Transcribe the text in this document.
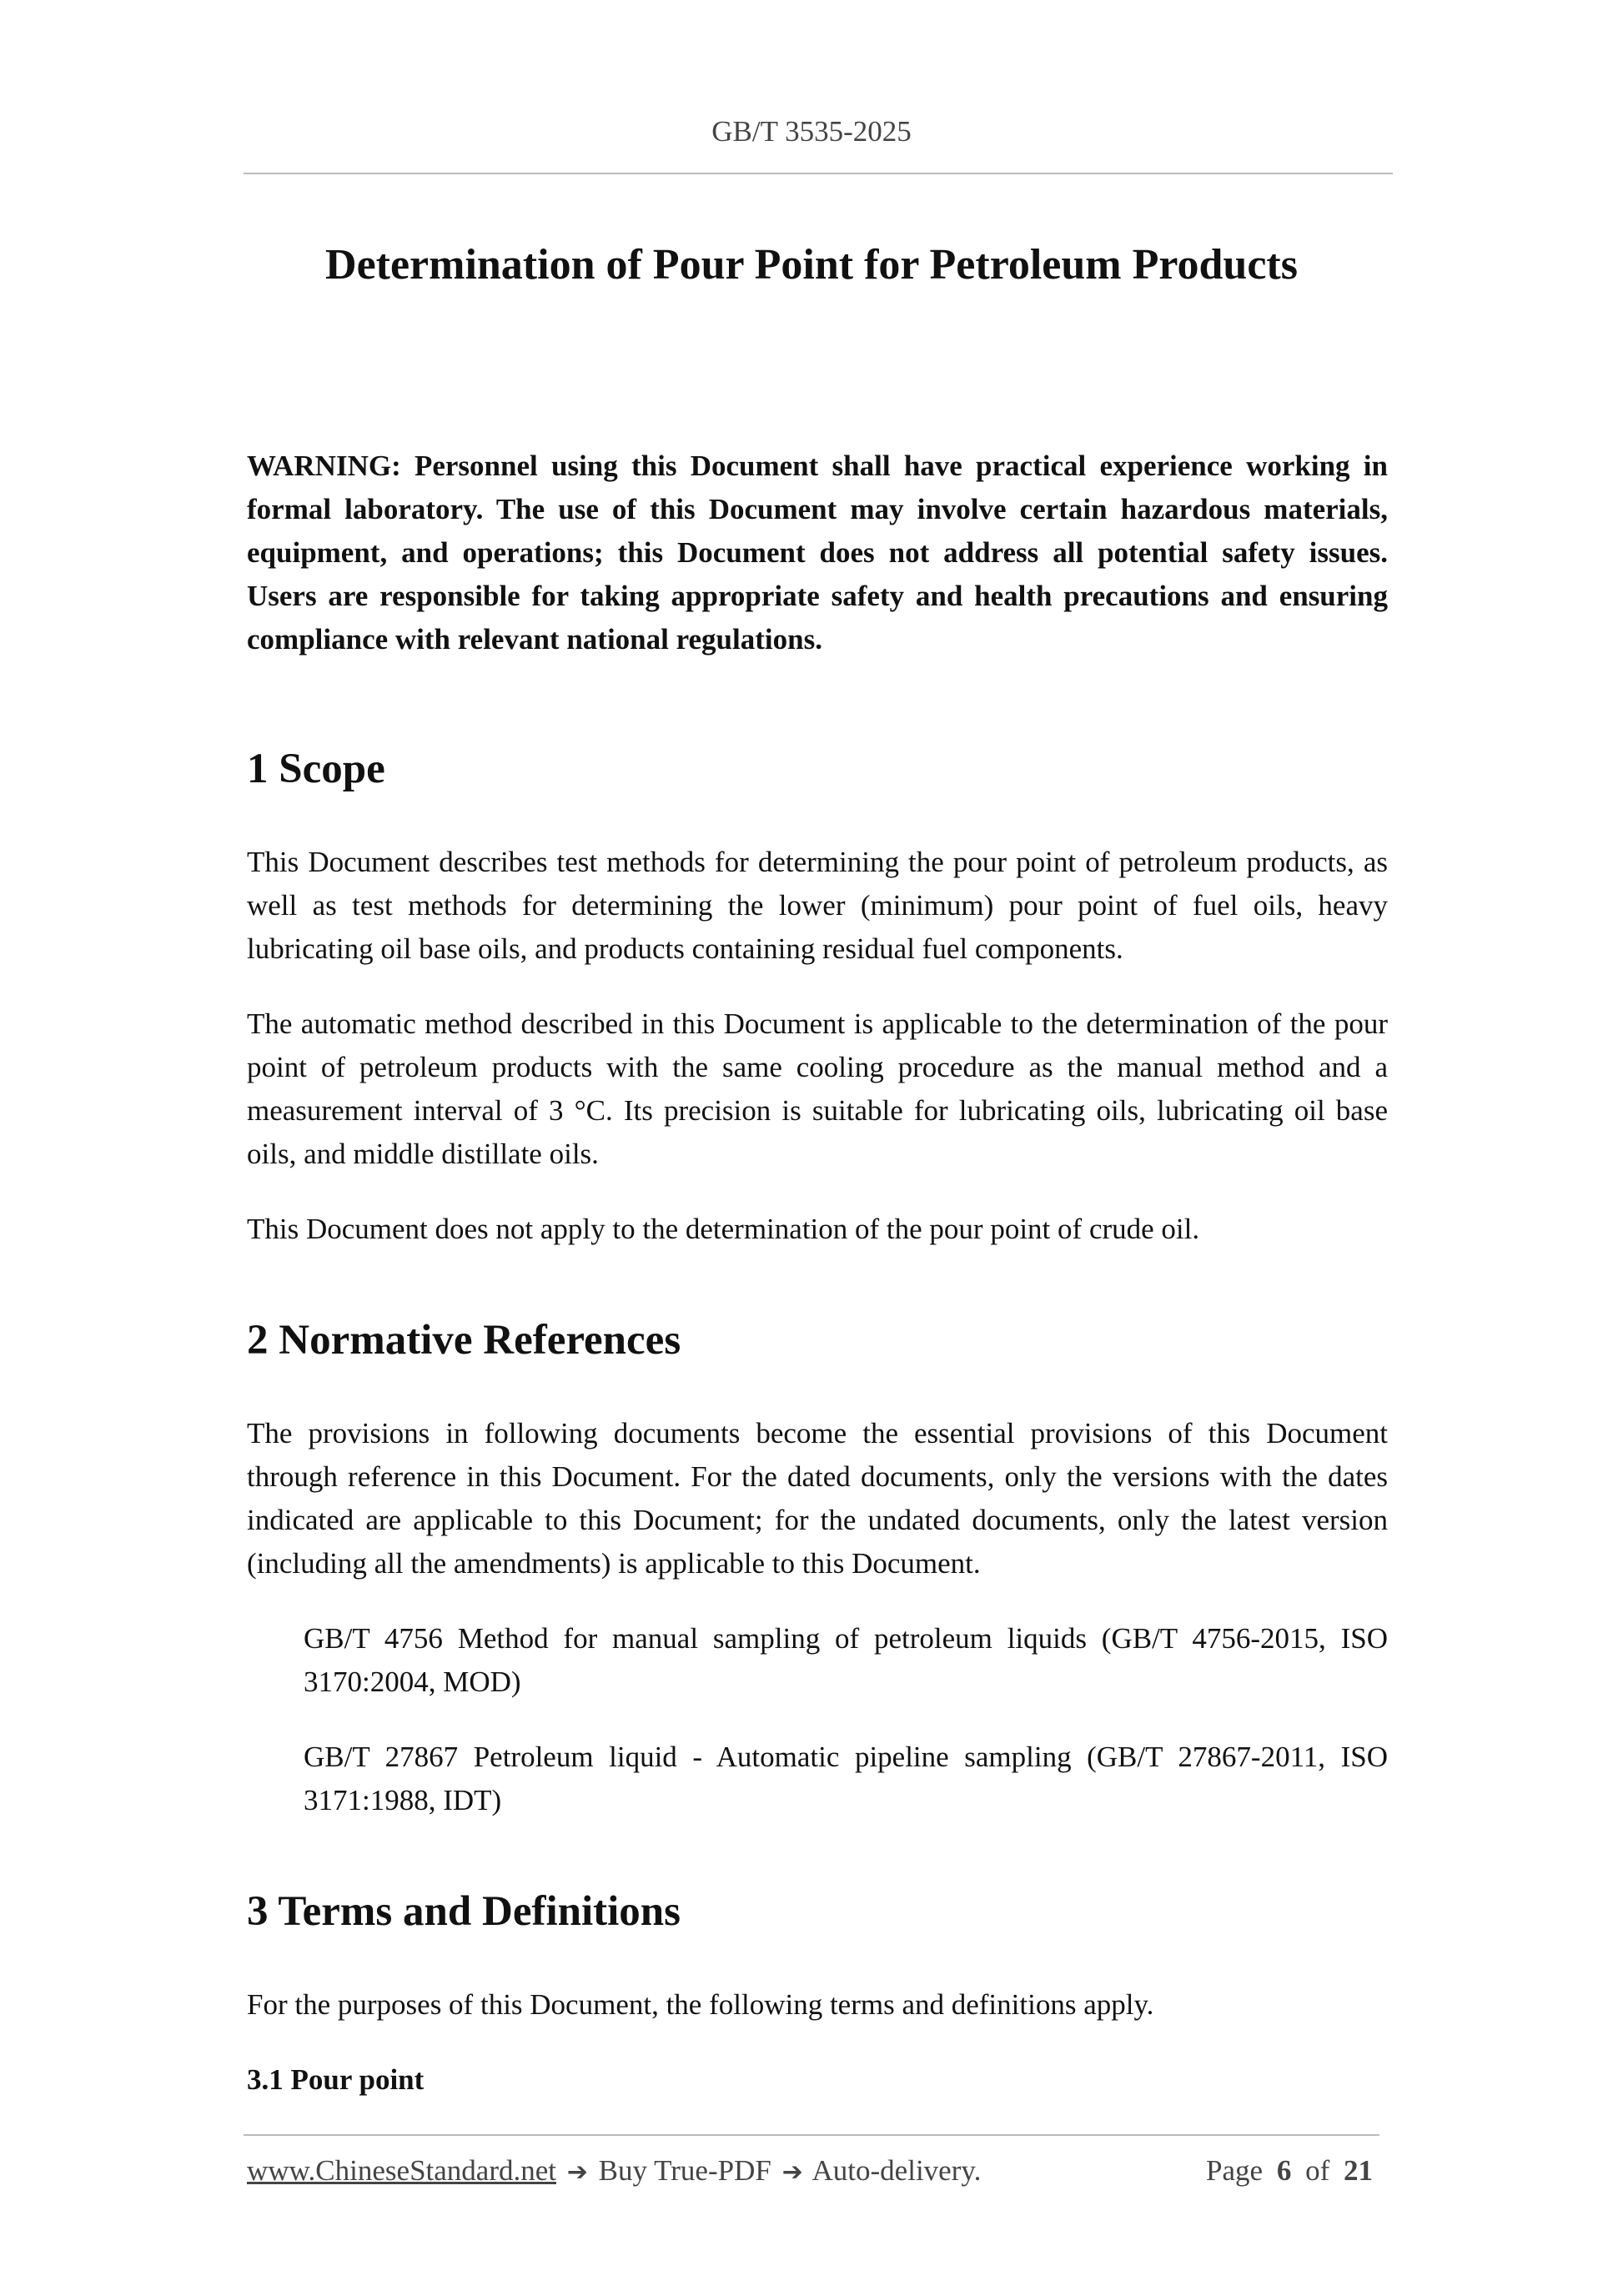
GB/T 3535-2025
Determination of Pour Point for Petroleum Products

WARNING: Personnel using this Document shall have practical experience working in formal laboratory. The use of this Document may involve certain hazardous materials, equipment, and operations; this Document does not address all potential safety issues. Users are responsible for taking appropriate safety and health precautions and ensuring compliance with relevant national regulations.

1 Scope

This Document describes test methods for determining the pour point of petroleum products, as well as test methods for determining the lower (minimum) pour point of fuel oils, heavy lubricating oil base oils, and products containing residual fuel components.

The automatic method described in this Document is applicable to the determination of the pour point of petroleum products with the same cooling procedure as the manual method and a measurement interval of 3 °C. Its precision is suitable for lubricating oils, lubricating oil base oils, and middle distillate oils.

This Document does not apply to the determination of the pour point of crude oil.

2 Normative References

The provisions in following documents become the essential provisions of this Document through reference in this Document. For the dated documents, only the versions with the dates indicated are applicable to this Document; for the undated documents, only the latest version (including all the amendments) is applicable to this Document.

GB/T 4756 Method for manual sampling of petroleum liquids (GB/T 4756-2015, ISO 3170:2004, MOD)

GB/T 27867 Petroleum liquid - Automatic pipeline sampling (GB/T 27867-2011, ISO 3171:1988, IDT)

3 Terms and Definitions

For the purposes of this Document, the following terms and definitions apply.

3.1 Pour point

www.ChineseStandard.net ➔ Buy True-PDF ➔ Auto-delivery.	Page 6 of 21
